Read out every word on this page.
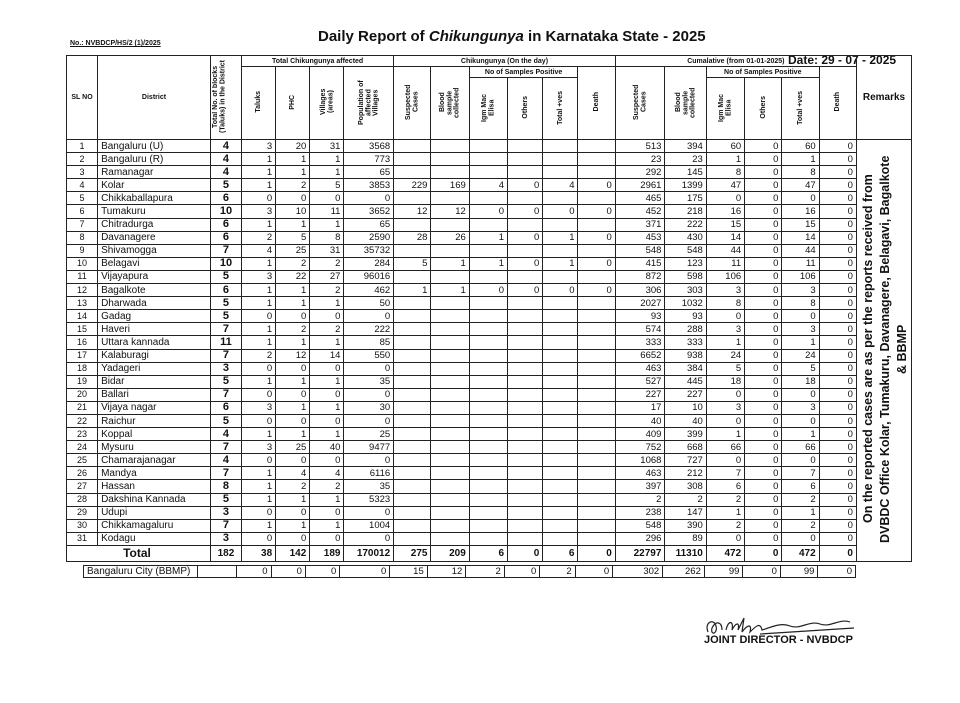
Daily Report of Chikungunya in Karnataka State - 2025
No.: NVBDCP/HS/2 (1)/2025
Date: 29 - 07 - 2025
SL NO	District	Total No. of blocks (Taluks) in the District	Total Chikungunya affected				Chikungunya (On the day)						Cumalative (from 01-01-2025)						Remarks
			Taluks	PHC	Villages (areas)	Population of affected Villages	Suspected Cases	Blood sample collected	No of Samples Positive			Death	Suspected Cases	Blood sample collected	No of Samples Positive			Death	
									Igm Mac Elisa	Others	Total +ves				Igm Mac Elisa	Others	Total +ves		
1	Bangaluru (U)	4	3	20	31	3568							513	394	60	0	60	0	On the reported cases are as per the reports received from DVBDC Office Kolar, Tumakuru, Davanagere, Belagavi, Bagalkote & BBMP
2	Bangaluru (R)	4	1	1	1	773							23	23	1	0	1	0	
3	Ramanagar	4	1	1	1	65							292	145	8	0	8	0	
4	Kolar	5	1	2	5	3853	229	169	4	0	4	0	2961	1399	47	0	47	0	
5	Chikkaballapura	6	0	0	0	0							465	175	0	0	0	0	
6	Tumakuru	10	3	10	11	3652	12	12	0	0	0	0	452	218	16	0	16	0	
7	Chitradurga	6	1	1	1	65							371	222	15	0	15	0	
8	Davanagere	6	2	5	8	2590	28	26	1	0	1	0	453	430	14	0	14	0	
9	Shivamogga	7	4	25	31	35732							548	548	44	0	44	0	
10	Belagavi	10	1	2	2	284	5	1	1	0	1	0	415	123	11	0	11	0	
11	Vijayapura	5	3	22	27	96016							872	598	106	0	106	0	
12	Bagalkote	6	1	1	2	462	1	1	0	0	0	0	306	303	3	0	3	0	
13	Dharwada	5	1	1	1	50							2027	1032	8	0	8	0	
14	Gadag	5	0	0	0	0							93	93	0	0	0	0	
15	Haveri	7	1	2	2	222							574	288	3	0	3	0	
16	Uttara kannada	11	1	1	1	85							333	333	1	0	1	0	
17	Kalaburagi	7	2	12	14	550							6652	938	24	0	24	0	
18	Yadageri	3	0	0	0	0							463	384	5	0	5	0	
19	Bidar	5	1	1	1	35							527	445	18	0	18	0	
20	Ballari	7	0	0	0	0							227	227	0	0	0	0	
21	Vijaya nagar	6	3	1	1	30							17	10	3	0	3	0	
22	Raichur	5	0	0	0	0							40	40	0	0	0	0	
23	Koppal	4	1	1	1	25							409	399	1	0	1	0	
24	Mysuru	7	3	25	40	9477							752	668	66	0	66	0	
25	Chamarajanagar	4	0	0	0	0							1068	727	0	0	0	0	
26	Mandya	7	1	4	4	6116							463	212	7	0	7	0	
27	Hassan	8	1	2	2	35							397	308	6	0	6	0	
28	Dakshina Kannada	5	1	1	1	5323							2	2	2	0	2	0	
29	Udupi	3	0	0	0	0							238	147	1	0	1	0	
30	Chikkamagaluru	7	1	1	1	1004							548	390	2	0	2	0	
31	Kodagu	3	0	0	0	0							296	89	0	0	0	0	
Total		182	38	142	189	170012	275	209	6	0	6	0	22797	11310	472	0	472	0	
Bangaluru City (BBMP)		0	0	0	0	15	12	2	0	2	0	302	262	99	0	99	0
JOINT DIRECTOR - NVBDCP
